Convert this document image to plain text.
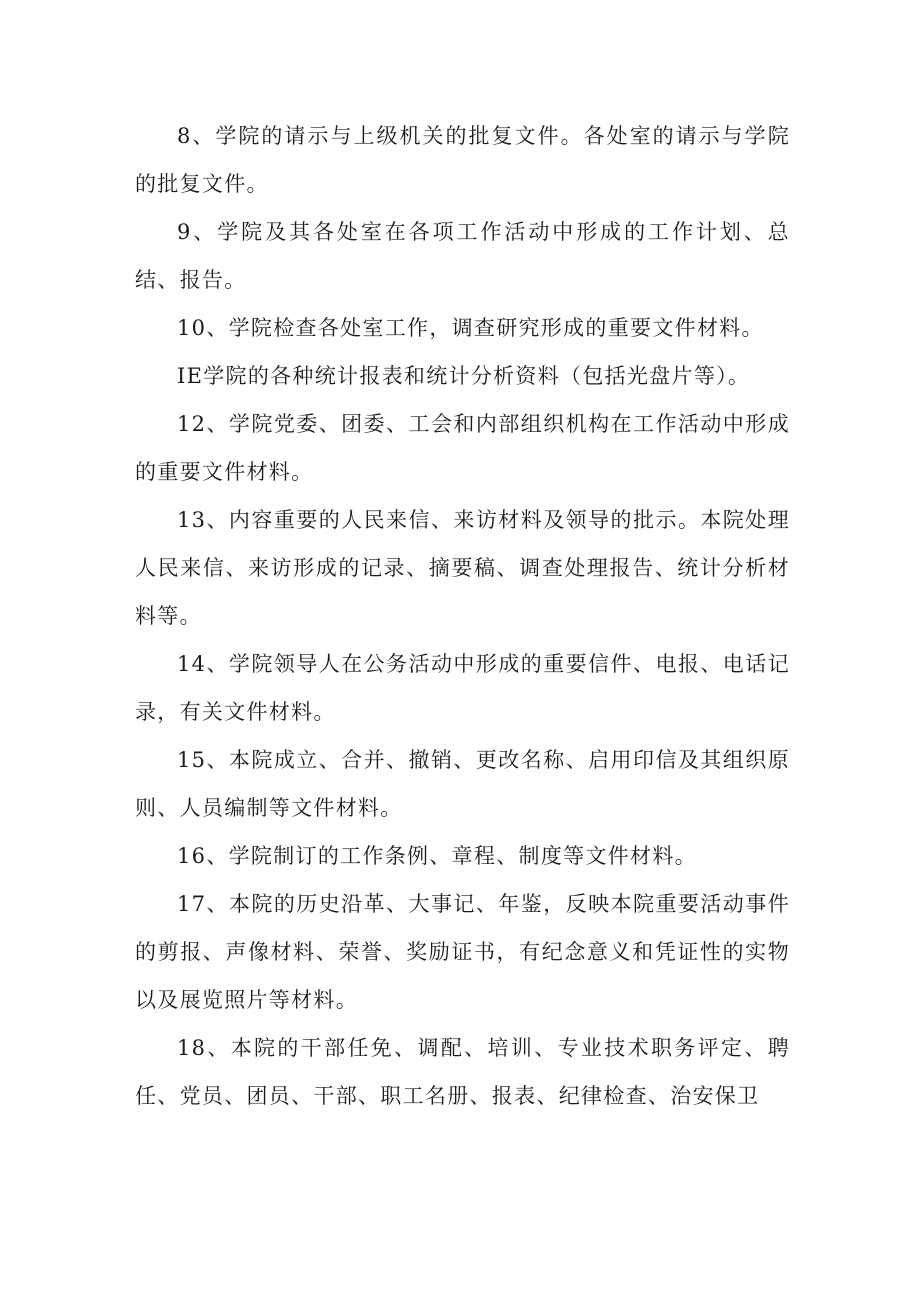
8、学院的请示与上级机关的批复文件。各处室的请示与学院的批复文件。

9、学院及其各处室在各项工作活动中形成的工作计划、总结、报告。

10、学院检查各处室工作，调查研究形成的重要文件材料。

IE学院的各种统计报表和统计分析资料（包括光盘片等）。

12、学院党委、团委、工会和内部组织机构在工作活动中形成的重要文件材料。

13、内容重要的人民来信、来访材料及领导的批示。本院处理人民来信、来访形成的记录、摘要稿、调查处理报告、统计分析材料等。

14、学院领导人在公务活动中形成的重要信件、电报、电话记录，有关文件材料。

15、本院成立、合并、撤销、更改名称、启用印信及其组织原则、人员编制等文件材料。

16、学院制订的工作条例、章程、制度等文件材料。

17、本院的历史沿革、大事记、年鉴，反映本院重要活动事件的剪报、声像材料、荣誉、奖励证书，有纪念意义和凭证性的实物以及展览照片等材料。

18、本院的干部任免、调配、培训、专业技术职务评定、聘任、党员、团员、干部、职工名册、报表、纪律检查、治安保卫
